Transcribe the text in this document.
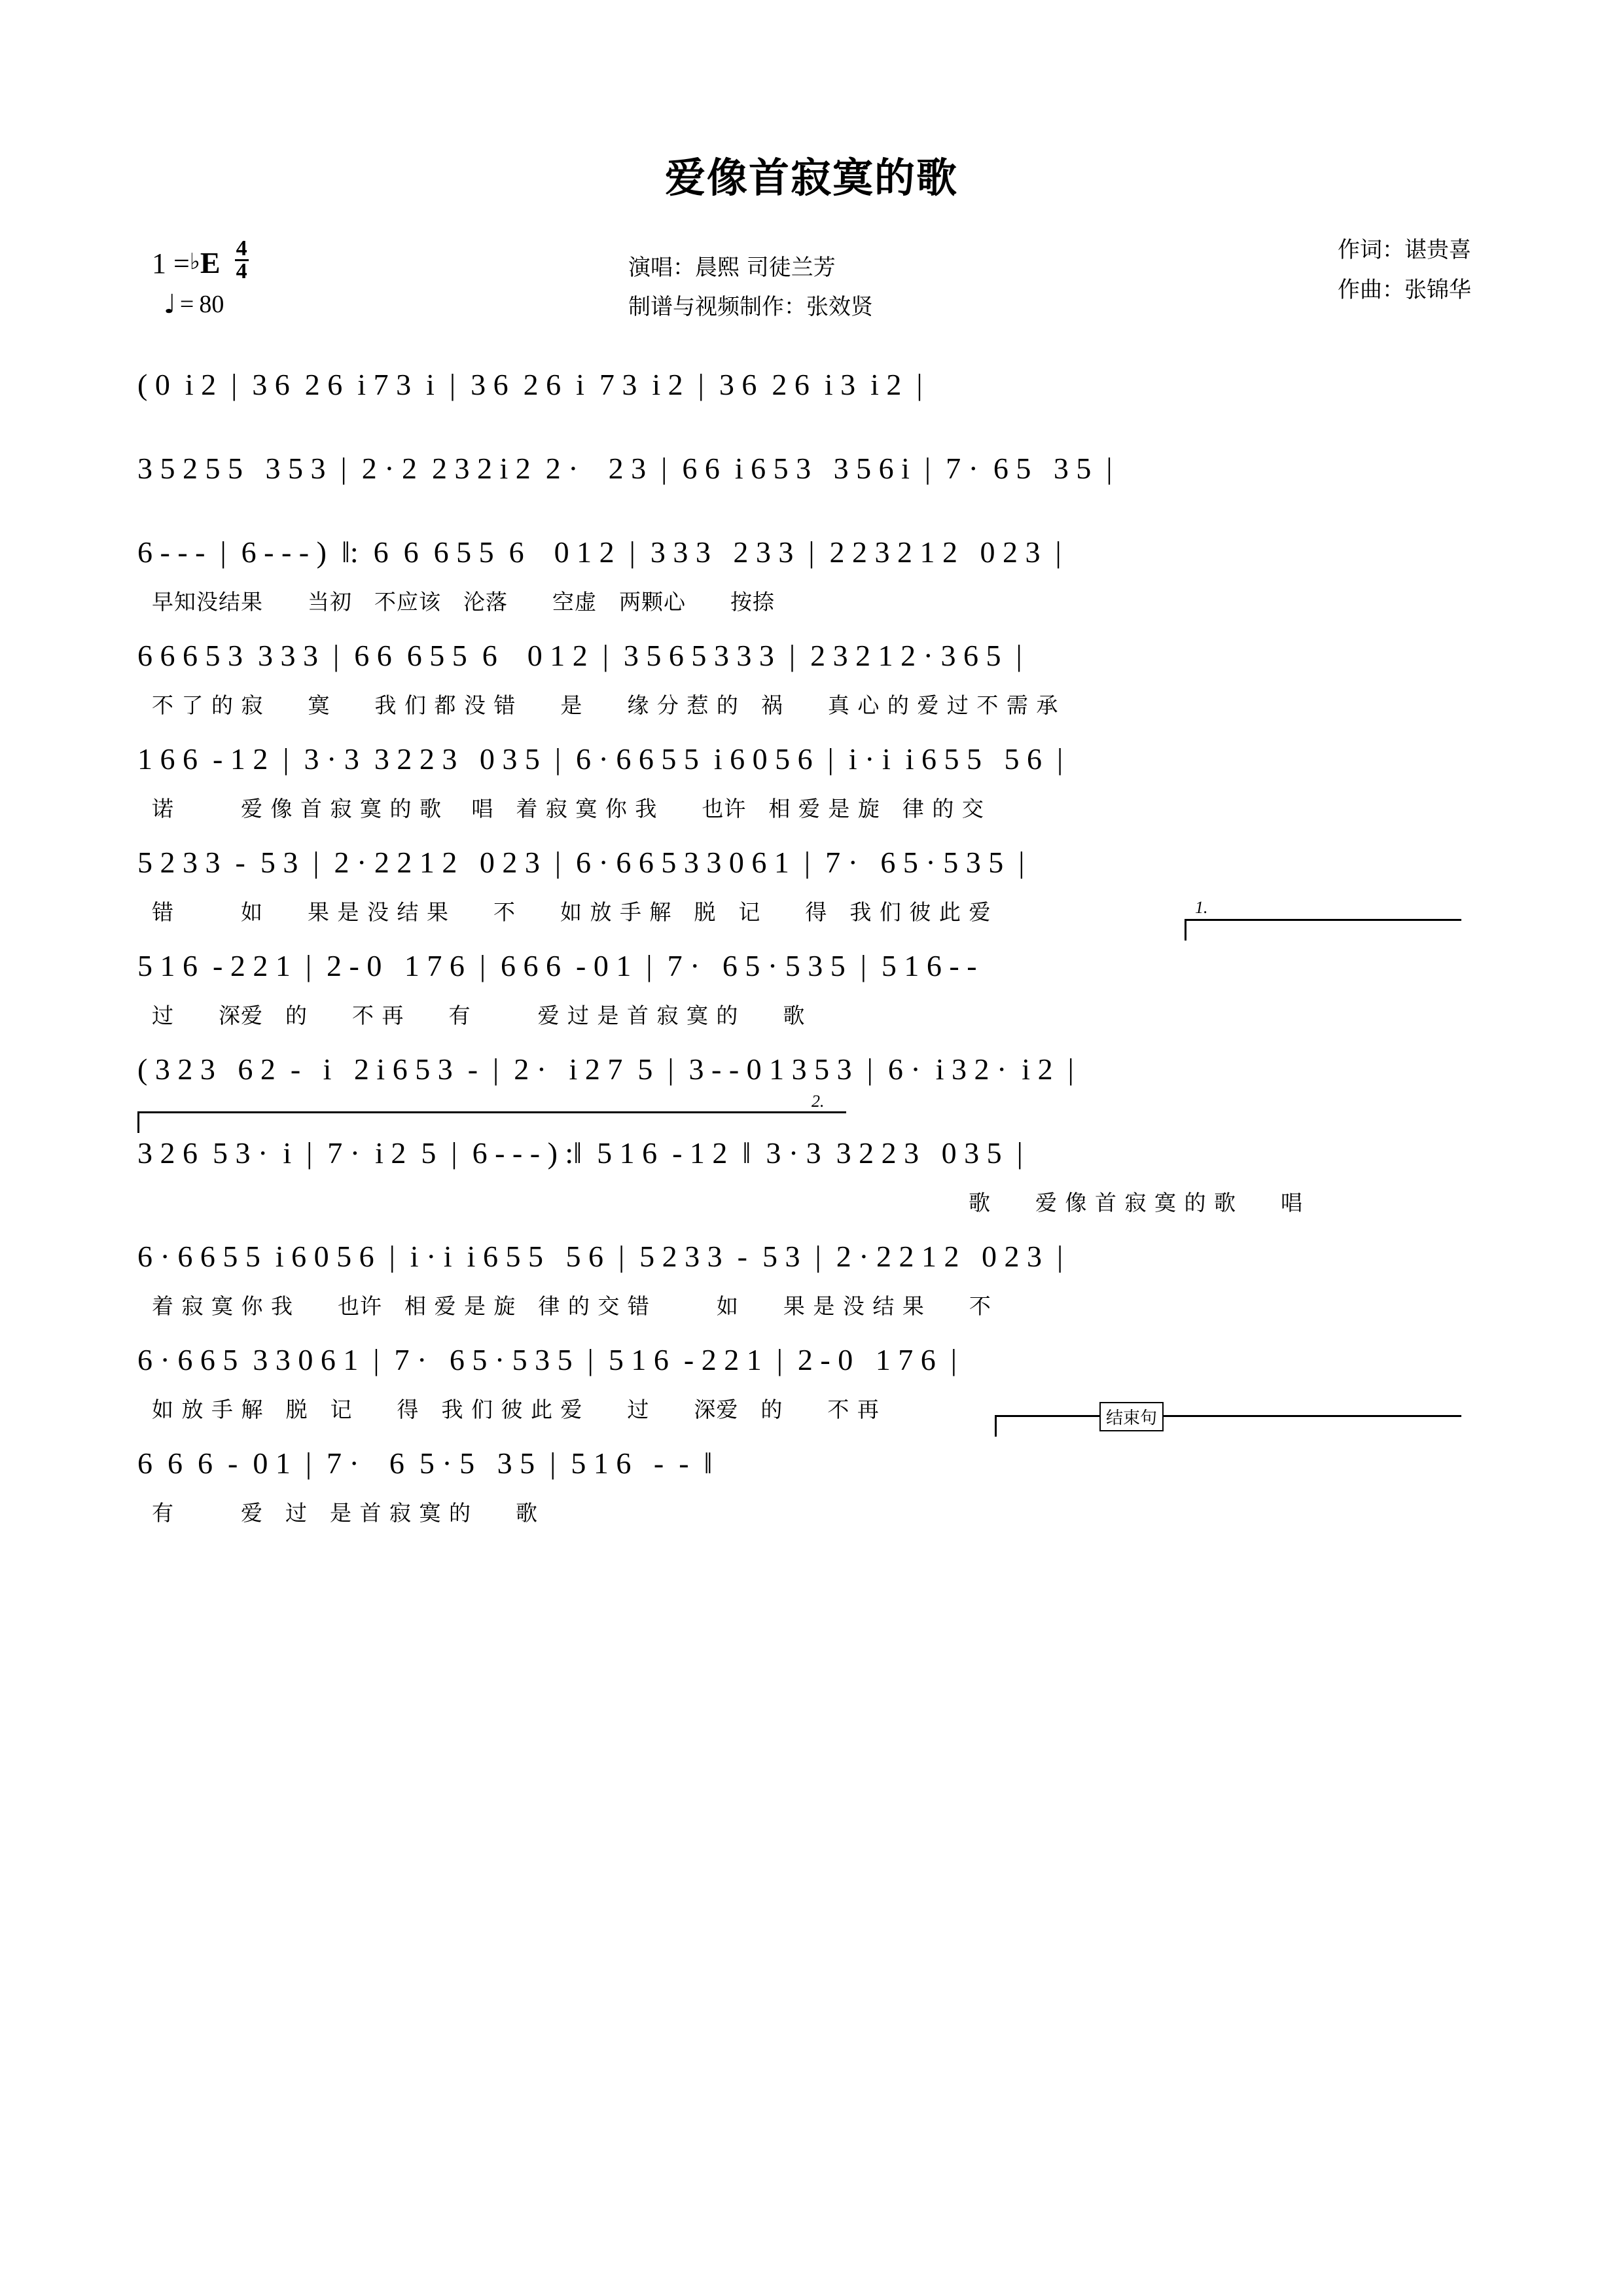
爱像首寂寞的歌
1 = ♭ E 4
4
♩ = 80
演唱：晨熙 司徒兰芳
制谱与视频制作：张效贤
作词：谌贵喜
作曲：张锦华
( 0  i 2  |  3 6  2 6  i 7 3  i  |  3 6  2 6  i  7 3  i 2  |  3 6  2 6  i 3  i 2  |
3 5 2 5 5   3 5 3  |  2 · 2  2 3 2 i 2  2 ·    2 3  |  6 6  i 6 5 3   3 5 6 i  |  7 ·  6 5   3 5  |
6 - - -  |  6 - - - )  ‖:  6  6  6 5 5  6    0 1 2  |  3 3 3   2 3 3  |  2 2 3 2 1 2   0 2 3  |
早知没结果　　当初　不应该　沦落　　空虚　两颗心　　按捺
6 6 6 5 3  3 3 3  |  6 6  6 5 5  6    0 1 2  |  3 5 6 5 3 3 3  |  2 3 2 1 2 · 3 6 5  |
不 了 的 寂　　寞　　我 们 都 没 错　　是　　缘 分 惹 的　祸　　真 心 的 爱 过 不 需 承
1 6 6  - 1 2  |  3 · 3  3 2 2 3   0 3 5  |  6 · 6 6 5 5  i 6 0 5 6  |  i · i  i 6 5 5   5 6  |
诺　　　爱 像 首 寂 寞 的 歌　 唱　着 寂 寞 你 我　　也许　相 爱 是 旋　律 的 交
5 2 3 3  -  5 3  |  2 · 2 2 1 2   0 2 3  |  6 · 6 6 5 3 3 0 6 1  |  7 ·   6 5 · 5 3 5  |
错　　　如　　果 是 没 结 果　　不　　如 放 手 解　脱　记　　得　我 们 彼 此 爱	1.
5 1 6  - 2 2 1  |  2 - 0   1 7 6  |  6 6 6  - 0 1  |  7 ·   6 5 · 5 3 5  |  5 1 6 - -
过　　深爱　的　　不 再　　有　　　爱 过 是 首 寂 寞 的　　歌
( 3 2 3   6 2  -   i   2 i 6 5 3  -  |  2 ·   i 2 7  5  |  3 - - 0 1 3 5 3  |  6 ·  i 3 2 ·  i 2  |
2.
3 2 6  5 3 ·  i  |  7 ·  i 2  5  |  6 - - - ) :‖  5 1 6  - 1 2  ‖  3 · 3  3 2 2 3   0 3 5  |
歌　　爱 像 首 寂 寞 的 歌　　唱
6 · 6 6 5 5  i 6 0 5 6  |  i · i  i 6 5 5   5 6  |  5 2 3 3  -  5 3  |  2 · 2 2 1 2   0 2 3  |
着 寂 寞 你 我　　也许　相 爱 是 旋　律 的 交 错　　　如　　果 是 没 结 果　　不
6 · 6 6 5  3 3 0 6 1  |  7 ·   6 5 · 5 3 5  |  5 1 6  - 2 2 1  |  2 - 0   1 7 6  |
如 放 手 解　脱　记　　得　我 们 彼 此 爱　　过　　深爱　的　　不 再	结束句
6  6  6  -  0 1  |  7 ·    6  5 · 5   3 5  |  5 1 6   -  -  ‖
有　　　爱　过　是 首 寂 寞 的　　歌
